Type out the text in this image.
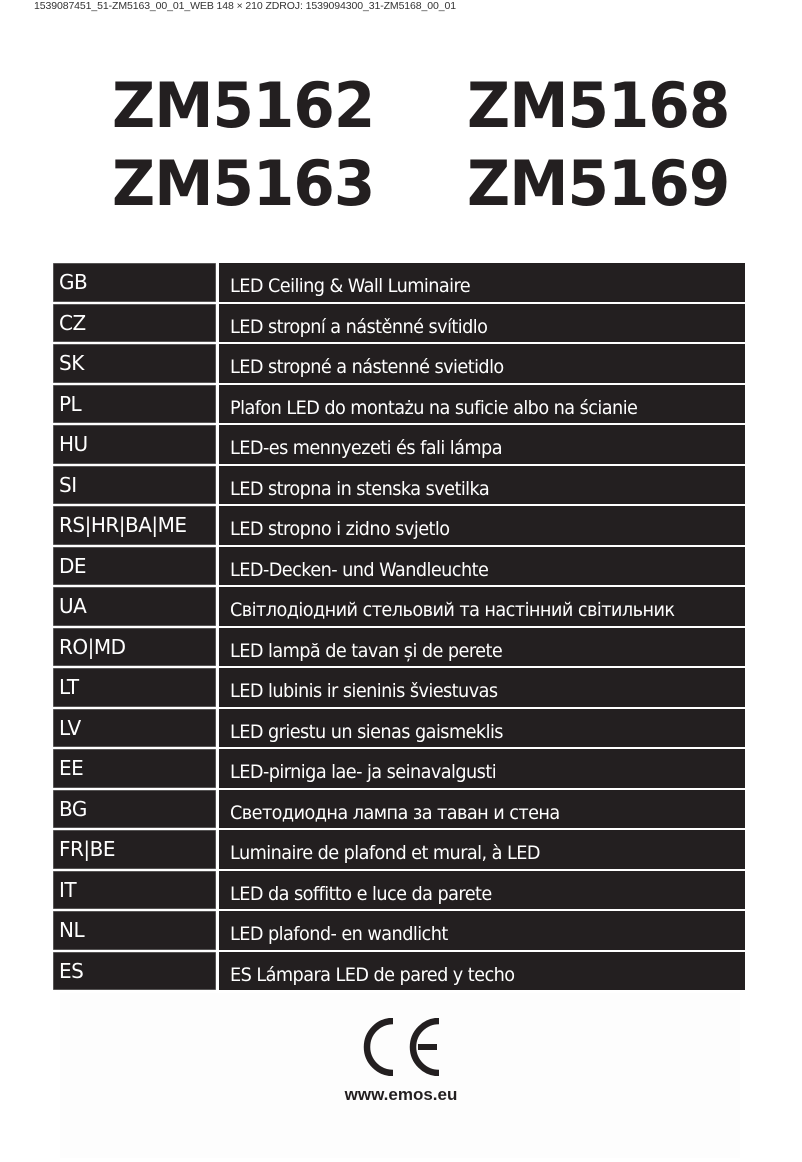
1539087451_51-ZM5163_00_01_WEB 148 × 210 ZDROJ: 1539094300_31-ZM5168_00_01
ZM5162	ZM5168
ZM5163	ZM5169
GB	LED Ceiling & Wall Luminaire
CZ	LED stropní a nástěnné svítidlo
SK	LED stropné a nástenné svietidlo
PL	Plafon LED do montażu na suficie albo na ścianie
HU	LED-es mennyezeti és fali lámpa
SI	LED stropna in stenska svetilka
RS|HR|BA|ME	LED stropno i zidno svjetlo
DE	LED-Decken- und Wandleuchte
UA	Світлодіодний стельовий та настінний світильник
RO|MD	LED lampă de tavan și de perete
LT	LED lubinis ir sieninis šviestuvas
LV	LED griestu un sienas gaismeklis
EE	LED-pirniga lae- ja seinavalgusti
BG	Светодиодна лампа за таван и стена
FR|BE	Luminaire de plafond et mural, à LED
IT	LED da soffitto e luce da parete
NL	LED plafond- en wandlicht
ES	ES Lámpara LED de pared y techo
www.emos.eu
